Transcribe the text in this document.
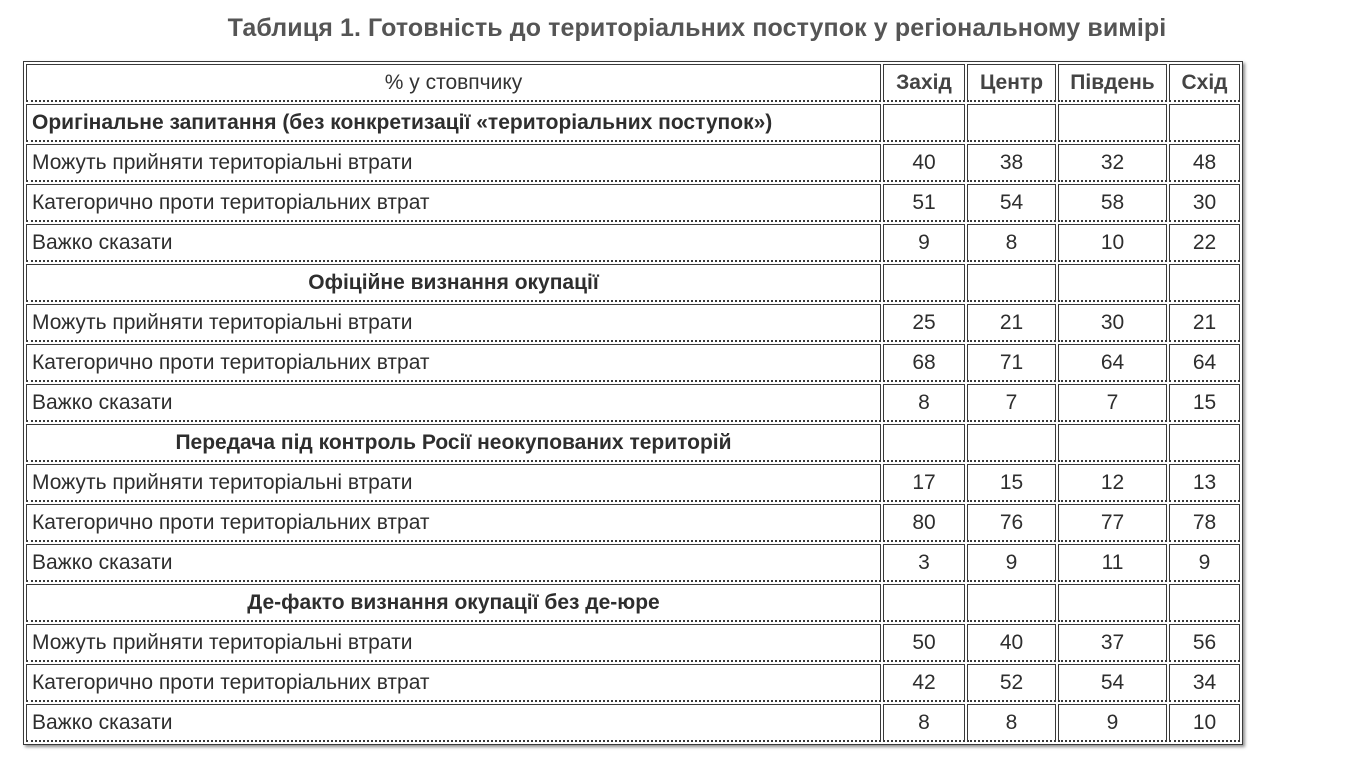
Таблиця 1. Готовність до територіальних поступок у регіональному вимірі
% у стовпчику	Захід	Центр	Південь	Схід
Оригінальне запитання (без конкретизації «територіальних поступок»)				
Можуть прийняти територіальні втрати	40	38	32	48
Категорично проти територіальних втрат	51	54	58	30
Важко сказати	9	8	10	22
Офіційне визнання окупації				
Можуть прийняти територіальні втрати	25	21	30	21
Категорично проти територіальних втрат	68	71	64	64
Важко сказати	8	7	7	15
Передача під контроль Росії неокупованих територій				
Можуть прийняти територіальні втрати	17	15	12	13
Категорично проти територіальних втрат	80	76	77	78
Важко сказати	3	9	11	9
Де-факто визнання окупації без де-юре				
Можуть прийняти територіальні втрати	50	40	37	56
Категорично проти територіальних втрат	42	52	54	34
Важко сказати	8	8	9	10
